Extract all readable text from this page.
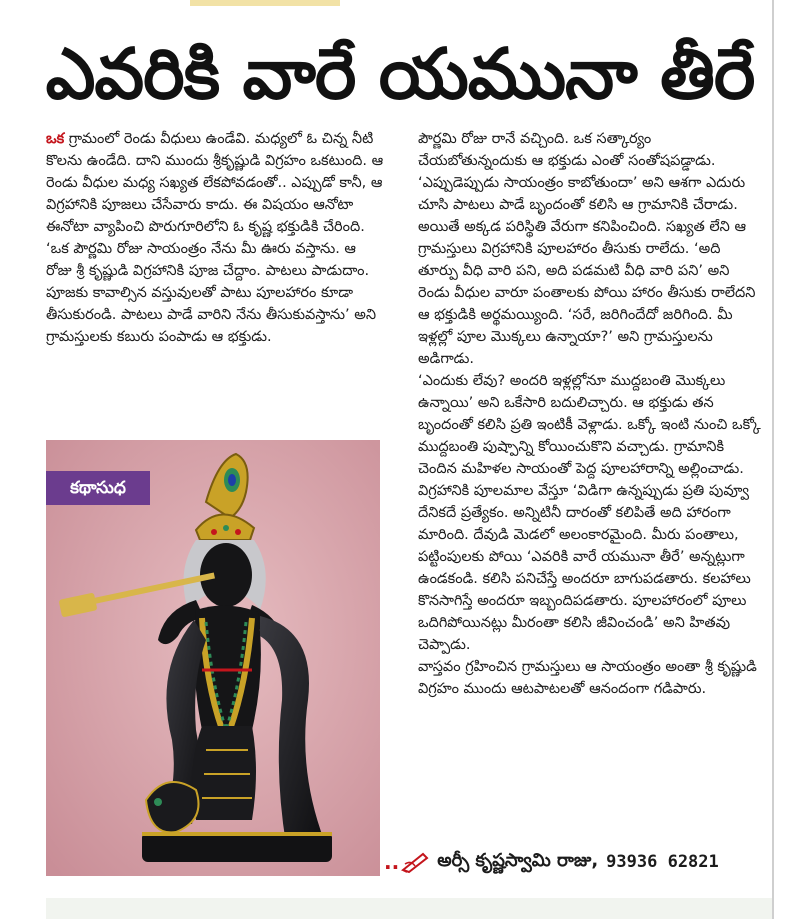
ఎవరికి వారే యమునా తీరే

ఒక గ్రామంలో రెండు వీధులు ఉండేవి. మధ్యలో ఓ చిన్న నీటి కొలను ఉండేది. దాని ముందు శ్రీకృష్ణుడి విగ్రహం ఒకటుంది. ఆ రెండు వీధుల మధ్య సఖ్యత లేకపోవడంతో.. ఎప్పుడో కానీ, ఆ విగ్రహానికి పూజలు చేసేవారు కాదు. ఈ విషయం ఆనోటా ఈనోటా వ్యాపించి పొరుగూరిలోని ఓ కృష్ణ భక్తుడికి చేరింది.

‘ఒక పౌర్ణమి రోజు సాయంత్రం నేను మీ ఊరు వస్తాను. ఆ రోజు శ్రీ కృష్ణుడి విగ్రహానికి పూజ చేద్దాం. పాటలు పాడుదాం. పూజకు కావాల్సిన వస్తువులతో పాటు పూలహారం కూడా తీసుకురండి. పాటలు పాడే వారిని నేను తీసుకువస్తాను’ అని గ్రామస్తులకు కబురు పంపాడు ఆ భక్తుడు.

కథాసుధ

పౌర్ణమి రోజు రానే వచ్చింది. ఒక సత్కార్యం చేయబోతున్నందుకు ఆ భక్తుడు ఎంతో సంతోషపడ్డాడు. ‘ఎప్పుడెప్పుడు సాయంత్రం కాబోతుందా’ అని ఆశగా ఎదురు చూసి పాటలు పాడే బృందంతో కలిసి ఆ గ్రామానికి చేరాడు. అయితే అక్కడ పరిస్థితి వేరుగా కనిపించింది. సఖ్యత లేని ఆ గ్రామస్తులు విగ్రహానికి పూలహారం తీసుకు రాలేదు. ‘అది తూర్పు వీధి వారి పని, అది పడమటి వీధి వారి పని’ అని రెండు వీధుల వారూ పంతాలకు పోయి హారం తీసుకు రాలేదని ఆ భక్తుడికి అర్థమయ్యింది. ‘సరే, జరిగిందేదో జరిగింది. మీ ఇళ్లల్లో పూల మొక్కలు ఉన్నాయా?’ అని గ్రామస్తులను అడిగాడు.

‘ఎందుకు లేవు? అందరి ఇళ్లల్లోనూ ముద్దబంతి మొక్కలు ఉన్నాయి’ అని ఒకేసారి బదులిచ్చారు. ఆ భక్తుడు తన బృందంతో కలిసి ప్రతి ఇంటికీ వెళ్లాడు. ఒక్కో ఇంటి నుంచి ఒక్కో ముద్దబంతి పుష్పాన్ని కోయించుకొని వచ్చాడు. గ్రామానికి చెందిన మహిళల సాయంతో పెద్ద పూలహారాన్ని అల్లించాడు. విగ్రహానికి పూలమాల వేస్తూ ‘విడిగా ఉన్నప్పుడు ప్రతి పువ్వూ దేనికదే ప్రత్యేకం. అన్నిటినీ దారంతో కలిపితే అది హారంగా మారింది. దేవుడి మెడలో అలంకారమైంది. మీరు పంతాలు, పట్టింపులకు పోయి ‘ఎవరికి వారే యమునా తీరే’ అన్నట్లుగా ఉండకండి. కలిసి పనిచేస్తే అందరూ బాగుపడతారు. కలహాలు కొనసాగిస్తే అందరూ ఇబ్బందిపడతారు. పూలహారంలో పూలు ఒదిగిపోయినట్లు మీరంతా కలిసి జీవించండి’ అని హితవు చెప్పాడు.

వాస్తవం గ్రహించిన గ్రామస్తులు ఆ సాయంత్రం అంతా శ్రీ కృష్ణుడి విగ్రహం ముందు ఆటపాటలతో ఆనందంగా గడిపారు.

.. అర్సీ కృష్ణస్వామి రాజు, 93936 62821
